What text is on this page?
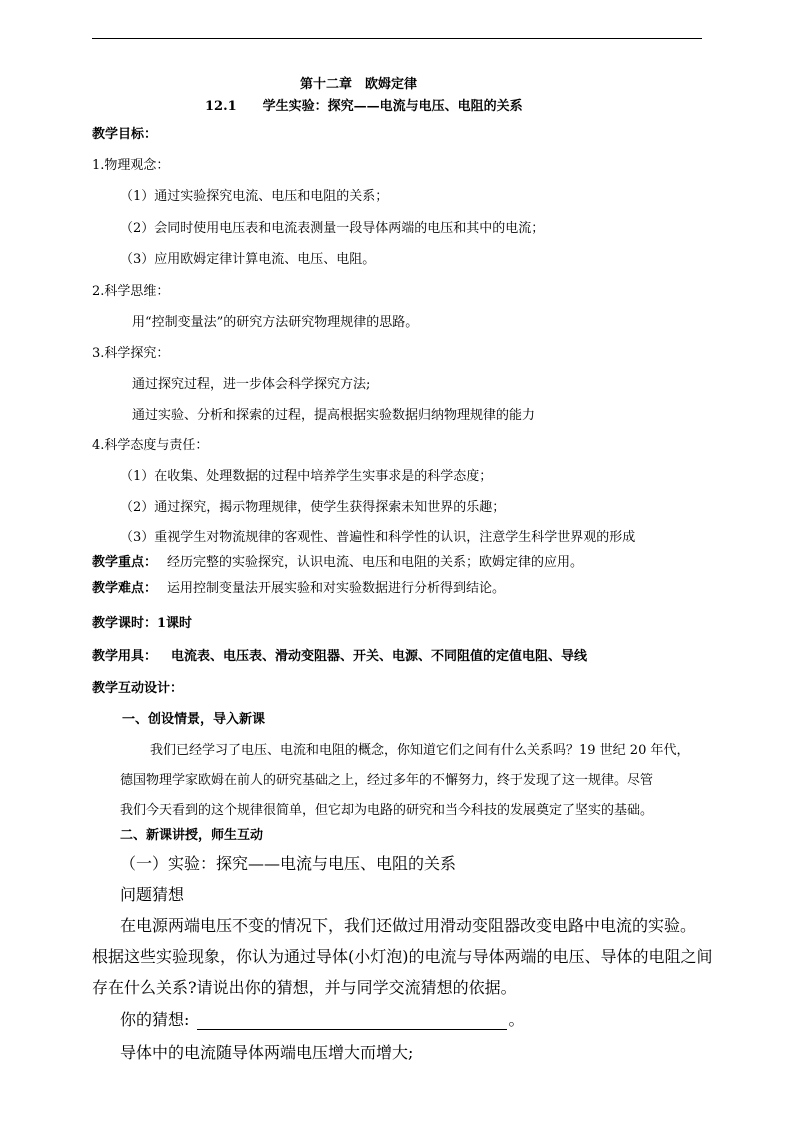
第十二章　欧姆定律
12.1　　学生实验：探究——电流与电压、电阻的关系
教学目标：
1.物理观念：
（1）通过实验探究电流、电压和电阻的关系；
（2）会同时使用电压表和电流表测量一段导体两端的电压和其中的电流；
（3）应用欧姆定律计算电流、电压、电阻。
2.科学思维：
用“控制变量法”的研究方法研究物理规律的思路。
3.科学探究：
通过探究过程，进一步体会科学探究方法;
通过实验、分析和探索的过程，提高根据实验数据归纳物理规律的能力
4.科学态度与责任：
（1）在收集、处理数据的过程中培养学生实事求是的科学态度；
（2）通过探究，揭示物理规律，使学生获得探索未知世界的乐趣；
（3）重视学生对物流规律的客观性、普遍性和科学性的认识，注意学生科学世界观的形成
教学重点： 经历完整的实验探究，认识电流、电压和电阻的关系；欧姆定律的应用。
教学难点： 运用控制变量法开展实验和对实验数据进行分析得到结论。
教学课时：1课时
教学用具： 电流表、电压表、滑动变阻器、开关、电源、不同阻值的定值电阻、导线
教学互动设计：
一、创设情景，导入新课
我们已经学习了电压、电流和电阻的概念，你知道它们之间有什么关系吗？19 世纪 20 年代，
德国物理学家欧姆在前人的研究基础之上，经过多年的不懈努力，终于发现了这一规律。尽管
我们今天看到的这个规律很简单，但它却为电路的研究和当今科技的发展奠定了坚实的基础。
二、新课讲授，师生互动
（一）实验：探究——电流与电压、电阻的关系
问题猜想
在电源两端电压不变的情况下，我们还做过用滑动变阻器改变电路中电流的实验。
根据这些实验现象，你认为通过导体(小灯泡)的电流与导体两端的电压、导体的电阻之间
存在什么关系?请说出你的猜想，并与同学交流猜想的依据。
你的猜想:	。
导体中的电流随导体两端电压增大而增大;
